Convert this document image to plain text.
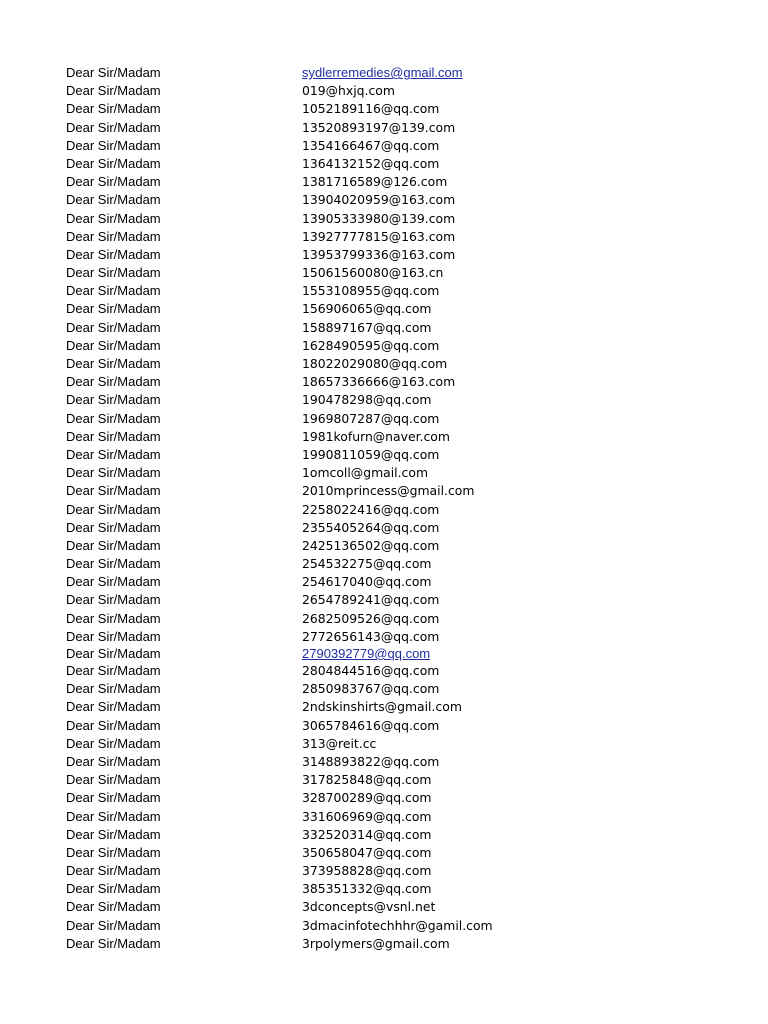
Dear Sir/Madam	sydlerremedies@gmail.com
Dear Sir/Madam	019@hxjq.com
Dear Sir/Madam	1052189116@qq.com
Dear Sir/Madam	13520893197@139.com
Dear Sir/Madam	1354166467@qq.com
Dear Sir/Madam	1364132152@qq.com
Dear Sir/Madam	1381716589@126.com
Dear Sir/Madam	13904020959@163.com
Dear Sir/Madam	13905333980@139.com
Dear Sir/Madam	13927777815@163.com
Dear Sir/Madam	13953799336@163.com
Dear Sir/Madam	15061560080@163.cn
Dear Sir/Madam	1553108955@qq.com
Dear Sir/Madam	156906065@qq.com
Dear Sir/Madam	158897167@qq.com
Dear Sir/Madam	1628490595@qq.com
Dear Sir/Madam	18022029080@qq.com
Dear Sir/Madam	18657336666@163.com
Dear Sir/Madam	190478298@qq.com
Dear Sir/Madam	1969807287@qq.com
Dear Sir/Madam	1981kofurn@naver.com
Dear Sir/Madam	1990811059@qq.com
Dear Sir/Madam	1omcoll@gmail.com
Dear Sir/Madam	2010mprincess@gmail.com
Dear Sir/Madam	2258022416@qq.com
Dear Sir/Madam	2355405264@qq.com
Dear Sir/Madam	2425136502@qq.com
Dear Sir/Madam	254532275@qq.com
Dear Sir/Madam	254617040@qq.com
Dear Sir/Madam	2654789241@qq.com
Dear Sir/Madam	2682509526@qq.com
Dear Sir/Madam	2772656143@qq.com
Dear Sir/Madam	2790392779@qq.com
Dear Sir/Madam	2804844516@qq.com
Dear Sir/Madam	2850983767@qq.com
Dear Sir/Madam	2ndskinshirts@gmail.com
Dear Sir/Madam	3065784616@qq.com
Dear Sir/Madam	313@reit.cc
Dear Sir/Madam	3148893822@qq.com
Dear Sir/Madam	317825848@qq.com
Dear Sir/Madam	328700289@qq.com
Dear Sir/Madam	331606969@qq.com
Dear Sir/Madam	332520314@qq.com
Dear Sir/Madam	350658047@qq.com
Dear Sir/Madam	373958828@qq.com
Dear Sir/Madam	385351332@qq.com
Dear Sir/Madam	3dconcepts@vsnl.net
Dear Sir/Madam	3dmacinfotechhhr@gamil.com
Dear Sir/Madam	3rpolymers@gmail.com
